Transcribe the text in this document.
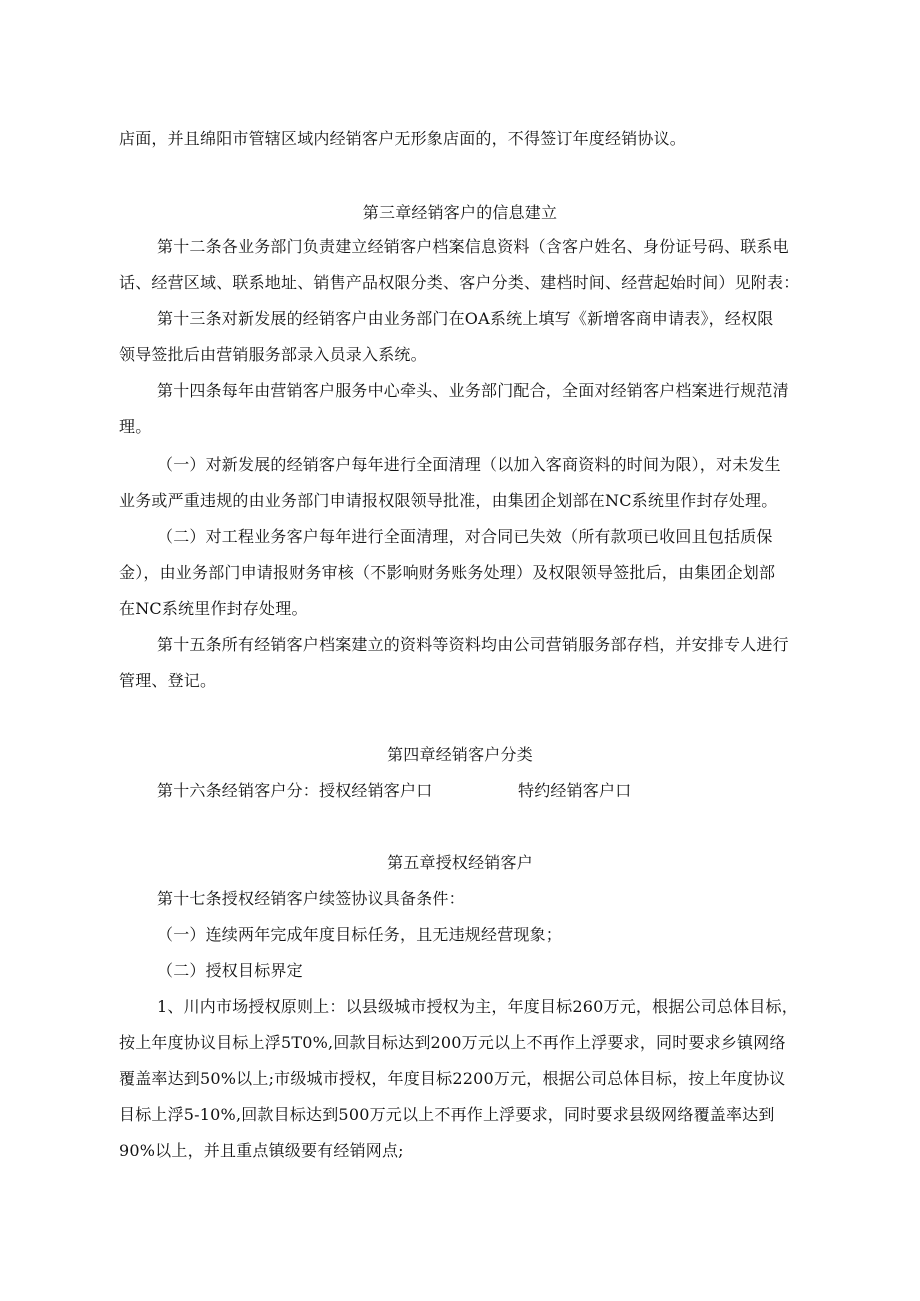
店面，并且绵阳市管辖区域内经销客户无形象店面的，不得签订年度经销协议。

第三章经销客户的信息建立

第十二条各业务部门负责建立经销客户档案信息资料（含客户姓名、身份证号码、联系电

话、经营区域、联系地址、销售产品权限分类、客户分类、建档时间、经营起始时间）见附表：

第十三条对新发展的经销客户由业务部门在OA系统上填写《新增客商申请表》，经权限

领导签批后由营销服务部录入员录入系统。

第十四条每年由营销客户服务中心牵头、业务部门配合，全面对经销客户档案进行规范清

理。

（一）对新发展的经销客户每年进行全面清理（以加入客商资料的时间为限），对未发生

业务或严重违规的由业务部门申请报权限领导批准，由集团企划部在NC系统里作封存处理。

（二）对工程业务客户每年进行全面清理，对合同已失效（所有款项已收回且包括质保

金），由业务部门申请报财务审核（不影响财务账务处理）及权限领导签批后，由集团企划部

在NC系统里作封存处理。

第十五条所有经销客户档案建立的资料等资料均由公司营销服务部存档，并安排专人进行

管理、登记。

第四章经销客户分类

第十六条经销客户分：授权经销客户口	特约经销客户口

第五章授权经销客户

第十七条授权经销客户续签协议具备条件：

（一）连续两年完成年度目标任务，且无违规经营现象；

（二）授权目标界定

1、川内市场授权原则上：以县级城市授权为主，年度目标260万元，根据公司总体目标，

按上年度协议目标上浮5T0%,回款目标达到200万元以上不再作上浮要求，同时要求乡镇网络

覆盖率达到50%以上;市级城市授权，年度目标2200万元，根据公司总体目标，按上年度协议

目标上浮5-10%,回款目标达到500万元以上不再作上浮要求，同时要求县级网络覆盖率达到

90%以上，并且重点镇级要有经销网点;
